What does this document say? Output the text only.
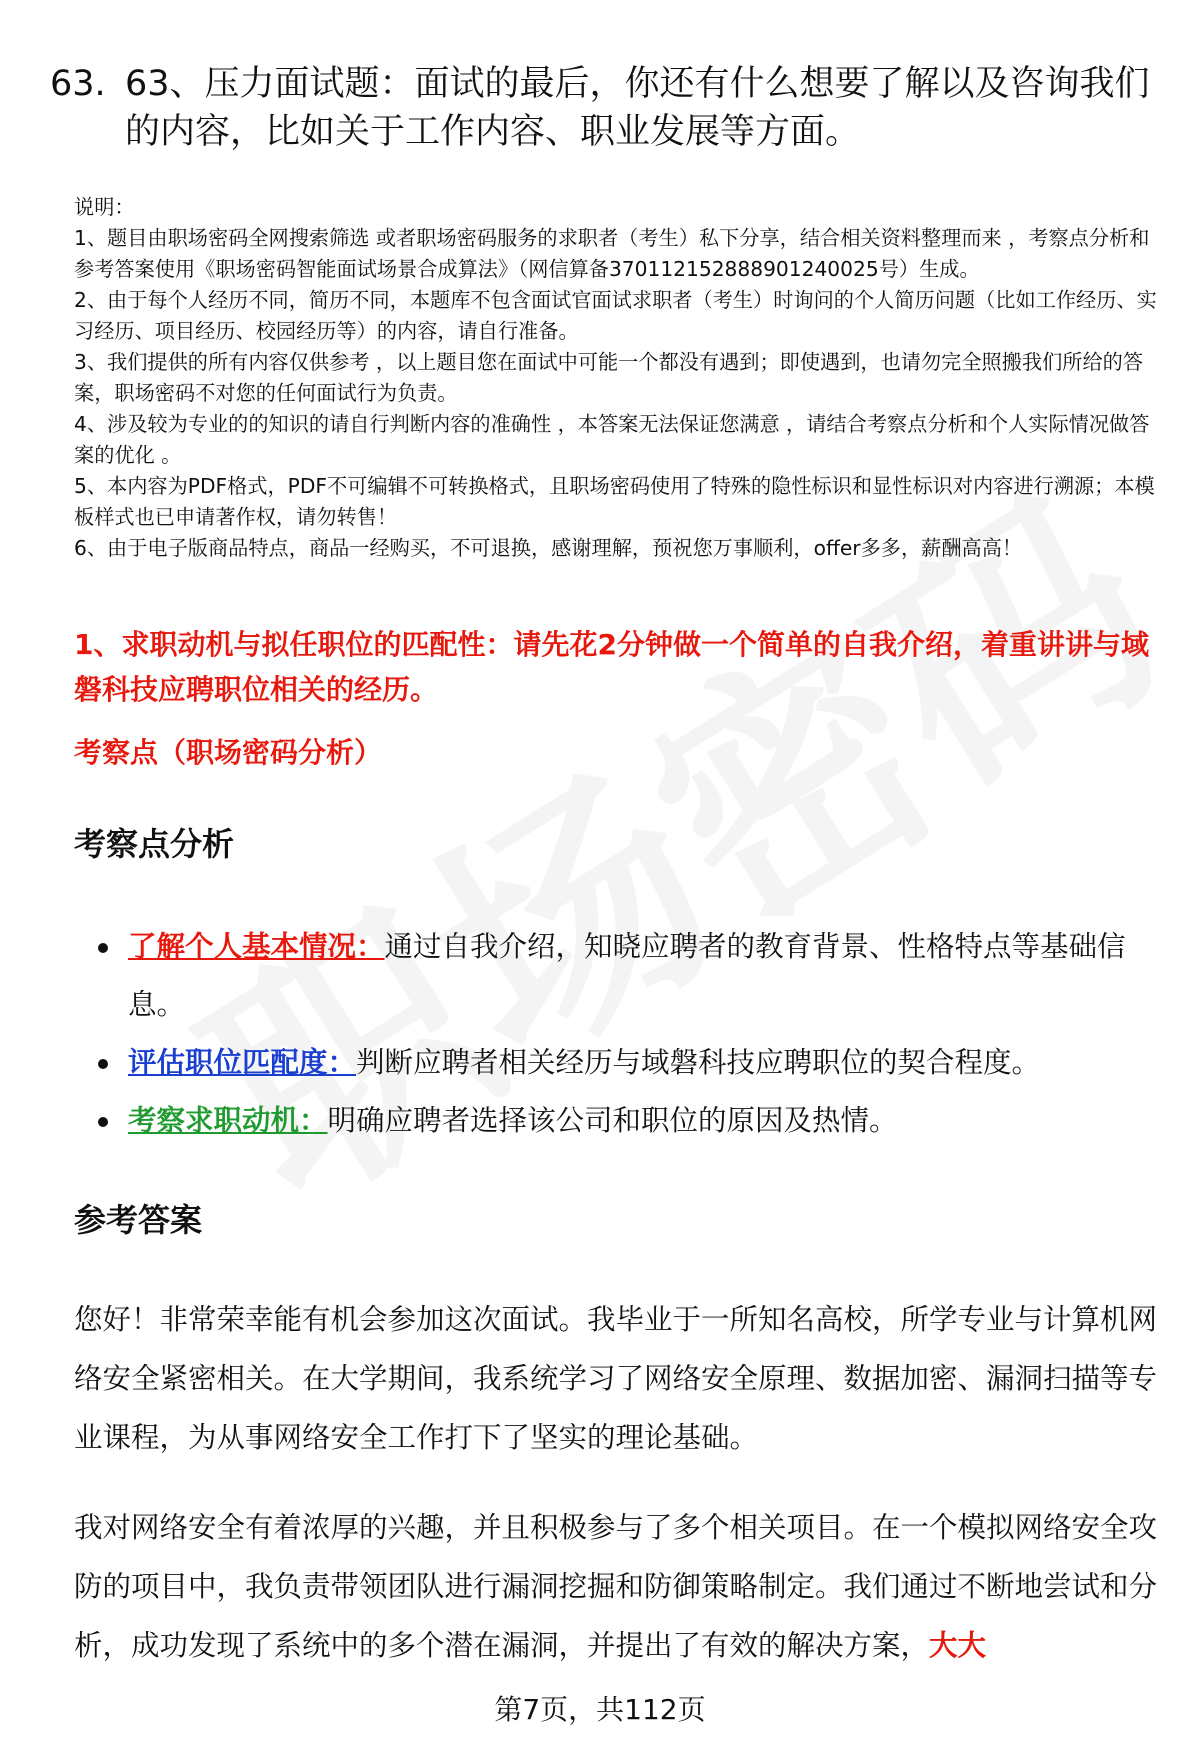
63. 63、压力面试题：面试的最后，你还有什么想要了解以及咨询我们的内容，比如关于工作内容、职业发展等方面。

说明：

1、题目由职场密码全网搜索筛选 或者职场密码服务的求职者（考生）私下分享，结合相关资料整理而来 ，考察点分析和参考答案使用《职场密码智能面试场景合成算法》（网信算备370112152888901240025号）生成。

2、由于每个人经历不同，简历不同，本题库不包含面试官面试求职者（考生）时询问的个人简历问题（比如工作经历、实习经历、项目经历、校园经历等）的内容，请自行准备。

3、我们提供的所有内容仅供参考 ，以上题目您在面试中可能一个都没有遇到；即使遇到，也请勿完全照搬我们所给的答案，职场密码不对您的任何面试行为负责。

4、涉及较为专业的的知识的请自行判断内容的准确性 ，本答案无法保证您满意 ，请结合考察点分析和个人实际情况做答案的优化 。

5、本内容为PDF格式，PDF不可编辑不可转换格式，且职场密码使用了特殊的隐性标识和显性标识对内容进行溯源；本模板样式也已申请著作权，请勿转售！

6、由于电子版商品特点，商品一经购买，不可退换，感谢理解，预祝您万事顺利，offer多多，薪酬高高！

1、求职动机与拟任职位的匹配性：请先花2分钟做一个简单的自我介绍，着重讲讲与域磐科技应聘职位相关的经历。
考察点（职场密码分析）
考察点分析
了解个人基本情况：通过自我介绍，知晓应聘者的教育背景、性格特点等基础信息。
评估职位匹配度：判断应聘者相关经历与域磐科技应聘职位的契合程度。
考察求职动机：明确应聘者选择该公司和职位的原因及热情。
参考答案

您好！非常荣幸能有机会参加这次面试。我毕业于一所知名高校，所学专业与计算机网络安全紧密相关。在大学期间，我系统学习了网络安全原理、数据加密、漏洞扫描等专业课程，为从事网络安全工作打下了坚实的理论基础。

我对网络安全有着浓厚的兴趣，并且积极参与了多个相关项目。在一个模拟网络安全攻防的项目中，我负责带领团队进行漏洞挖掘和防御策略制定。我们通过不断地尝试和分析，成功发现了系统中的多个潜在漏洞，并提出了有效的解决方案，大大

第7页，共112页
